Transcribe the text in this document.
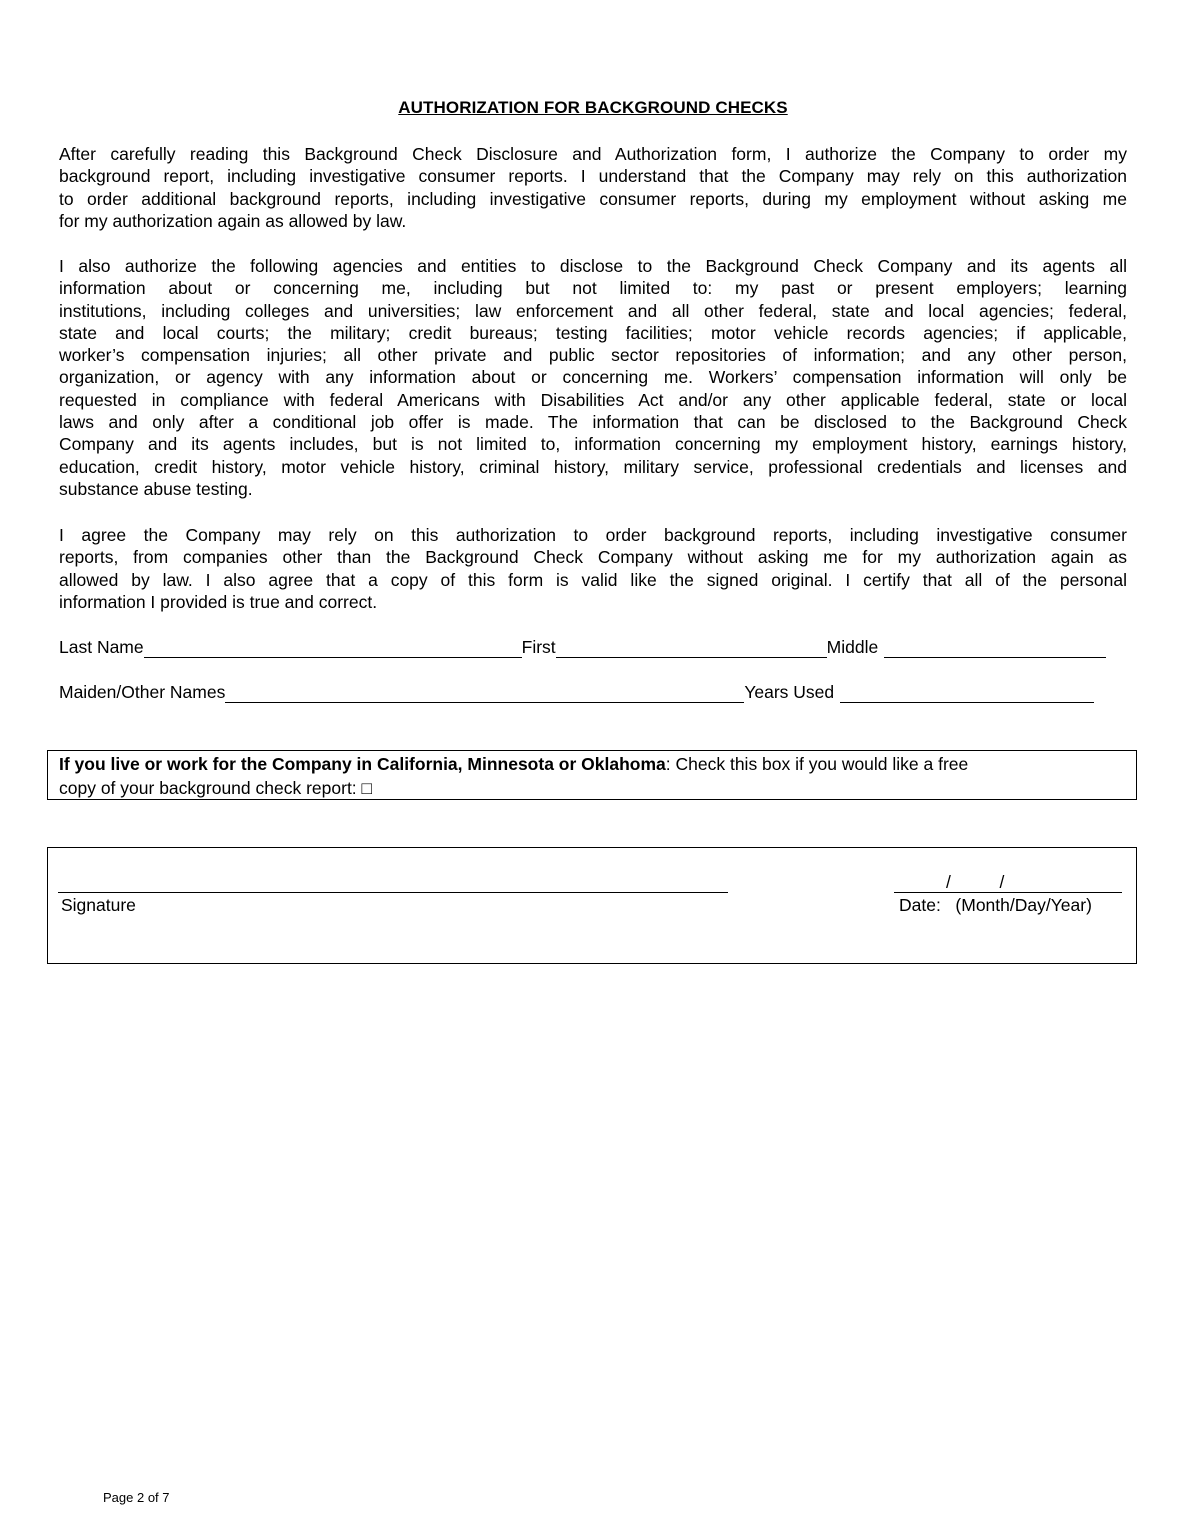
AUTHORIZATION FOR BACKGROUND CHECKS
After carefully reading this Background Check Disclosure and Authorization form, I authorize the Company to order my
background report, including investigative consumer reports. I understand that the Company may rely on this authorization
to order additional background reports, including investigative consumer reports, during my employment without asking me
for my authorization again as allowed by law.
I also authorize the following agencies and entities to disclose to the Background Check Company and its agents all
information about or concerning me, including but not limited to: my past or present employers; learning
institutions, including colleges and universities; law enforcement and all other federal, state and local agencies; federal,
state and local courts; the military; credit bureaus; testing facilities; motor vehicle records agencies; if applicable,
worker’s compensation injuries; all other private and public sector repositories of information; and any other person,
organization, or agency with any information about or concerning me. Workers’ compensation information will only be
requested in compliance with federal Americans with Disabilities Act and/or any other applicable federal, state or local
laws and only after a conditional job offer is made. The information that can be disclosed to the Background Check
Company and its agents includes, but is not limited to, information concerning my employment history, earnings history,
education, credit history, motor vehicle history, criminal history, military service, professional credentials and licenses and
substance abuse testing.
I agree the Company may rely on this authorization to order background reports, including investigative consumer
reports, from companies other than the Background Check Company without asking me for my authorization again as
allowed by law. I also agree that a copy of this form is valid like the signed original. I certify that all of the personal
information I provided is true and correct.
Last Name	First	Middle
Maiden/Other Names	Years Used
If you live or work for the Company in California, Minnesota or Oklahoma: Check this box if you would like a free
copy of your background check report: □
Signature
/          /
Date: (Month/Day/Year)
Page 2 of 7
